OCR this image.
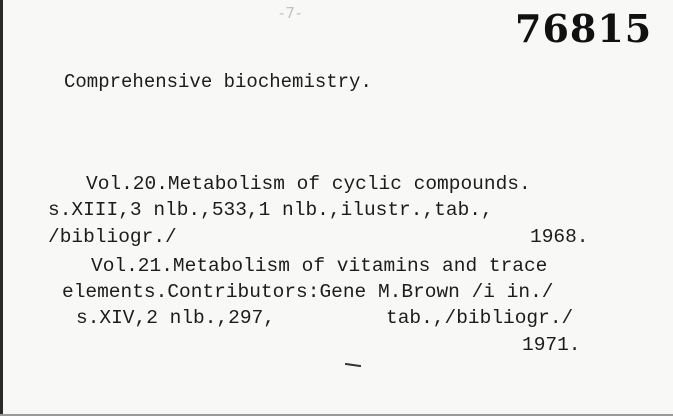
-7-	76815
Comprehensive biochemistry.
Vol.20.Metabolism of cyclic compounds.
s.XIII,3 nlb.,533,1 nlb.,ilustr.,tab.,
/bibliogr./	1968.
Vol.21.Metabolism of vitamins and trace
elements.Contributors:Gene M.Brown /i in./
s.XIV,2 nlb.,297,	tab.,/bibliogr./
1971.
